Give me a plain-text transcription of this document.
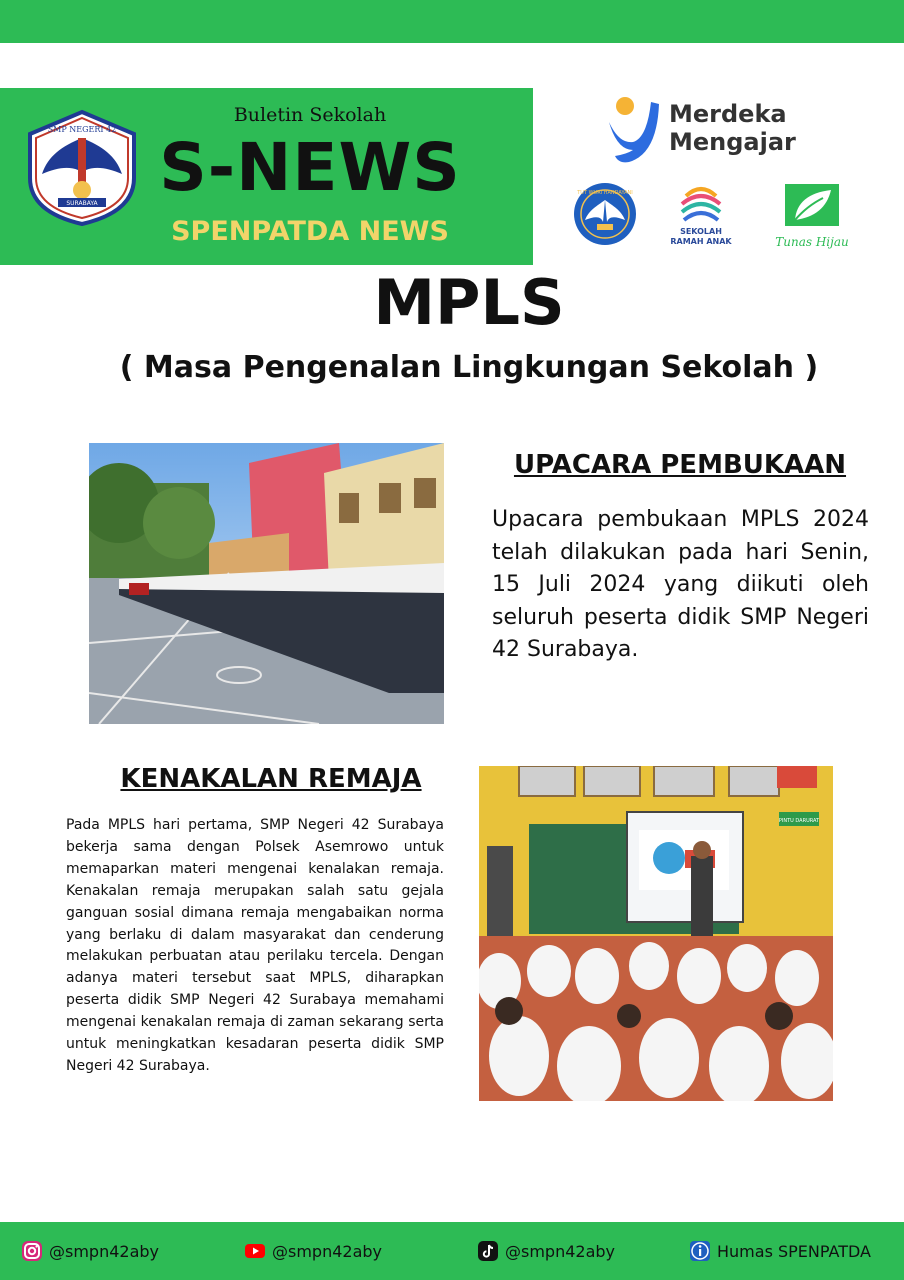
SMP NEGERI 42
SURABAYA
Buletin Sekolah
S-NEWS
SPENPATDA NEWS
Merdeka
Mengajar
TUT WURI HANDAYANI
SEKOLAH
RAMAH ANAK	Tunas Hijau
MPLS
( Masa Pengenalan Lingkungan Sekolah )
UPACARA PEMBUKAAN
Upacara pembukaan MPLS 2024 telah dilakukan pada hari Senin, 15 Juli 2024 yang diikuti oleh seluruh peserta didik SMP Negeri 42 Surabaya.
KENAKALAN REMAJA
Pada MPLS hari pertama, SMP Negeri 42 Surabaya bekerja sama dengan Polsek Asemrowo untuk memaparkan materi mengenai kenalakan remaja. Kenakalan remaja merupakan salah satu gejala ganguan sosial dimana remaja mengabaikan norma yang berlaku di dalam masyarakat dan cenderung melakukan perbuatan atau perilaku tercela. Dengan adanya materi tersebut saat MPLS, diharapkan peserta didik SMP Negeri 42 Surabaya memahami mengenai kenakalan remaja di zaman sekarang serta untuk meningkatkan kesadaran peserta didik SMP Negeri 42 Surabaya.
PINTU DARURAT
@smpn42aby	@smpn42aby	@smpn42aby	Humas SPENPATDA
